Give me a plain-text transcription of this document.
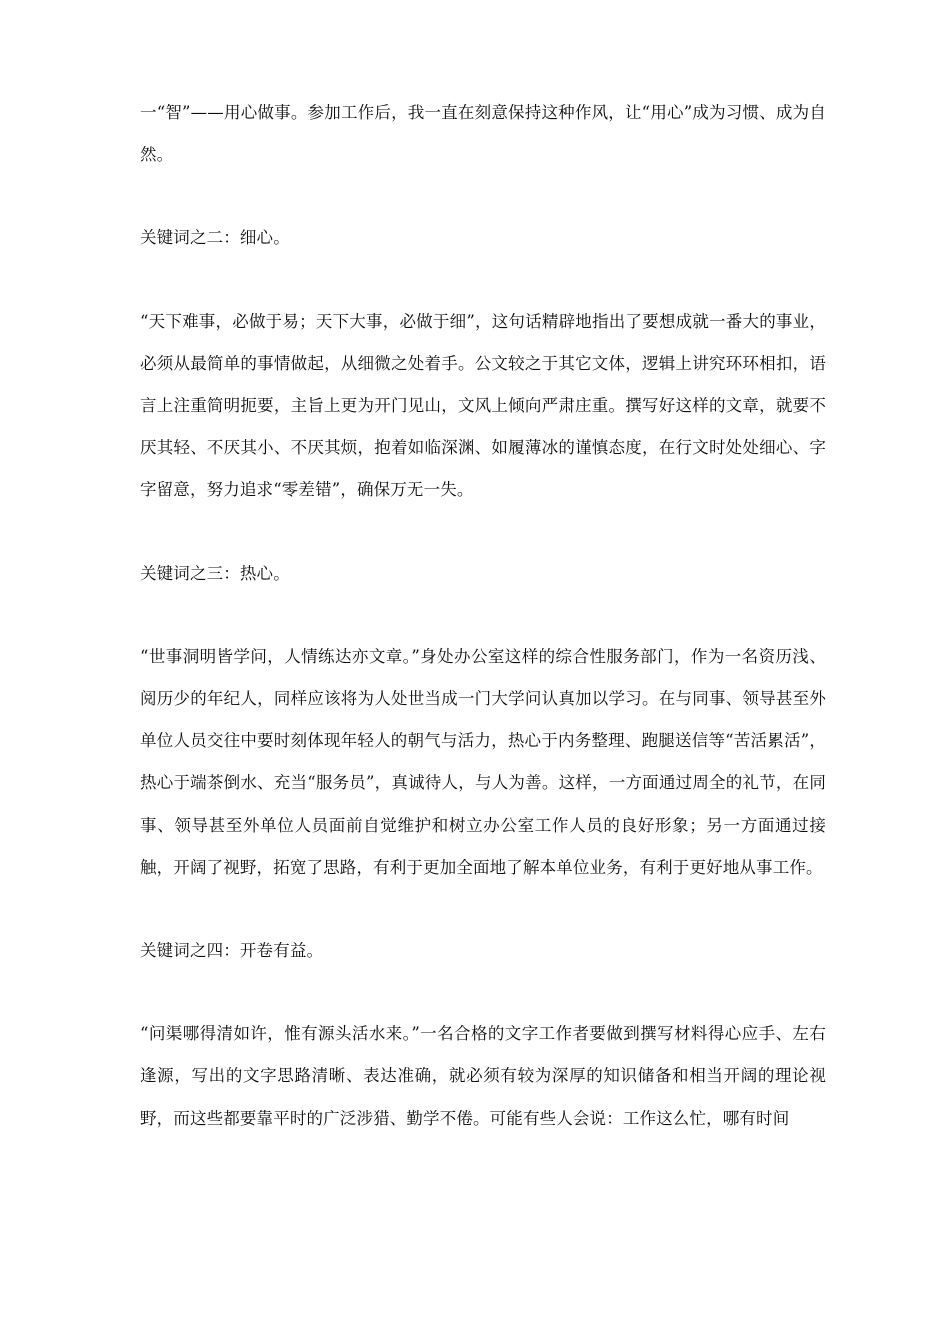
一“智”——用心做事。参加工作后，我一直在刻意保持这种作风，让“用心”成为习惯、成为自然。

关键词之二：细心。

“天下难事，必做于易；天下大事，必做于细”，这句话精辟地指出了要想成就一番大的事业，必须从最简单的事情做起，从细微之处着手。公文较之于其它文体，逻辑上讲究环环相扣，语言上注重简明扼要，主旨上更为开门见山，文风上倾向严肃庄重。撰写好这样的文章，就要不厌其轻、不厌其小、不厌其烦，抱着如临深渊、如履薄冰的谨慎态度，在行文时处处细心、字字留意，努力追求“零差错”，确保万无一失。

关键词之三：热心。

“世事洞明皆学问，人情练达亦文章。”身处办公室这样的综合性服务部门，作为一名资历浅、阅历少的年纪人，同样应该将为人处世当成一门大学问认真加以学习。在与同事、领导甚至外单位人员交往中要时刻体现年轻人的朝气与活力，热心于内务整理、跑腿送信等“苦活累活”，热心于端茶倒水、充当“服务员”，真诚待人，与人为善。这样，一方面通过周全的礼节，在同事、领导甚至外单位人员面前自觉维护和树立办公室工作人员的良好形象；另一方面通过接触，开阔了视野，拓宽了思路，有利于更加全面地了解本单位业务，有利于更好地从事工作。

关键词之四：开卷有益。

“问渠哪得清如许，惟有源头活水来。”一名合格的文字工作者要做到撰写材料得心应手、左右逢源，写出的文字思路清晰、表达准确，就必须有较为深厚的知识储备和相当开阔的理论视野，而这些都要靠平时的广泛涉猎、勤学不倦。可能有些人会说：工作这么忙，哪有时间
